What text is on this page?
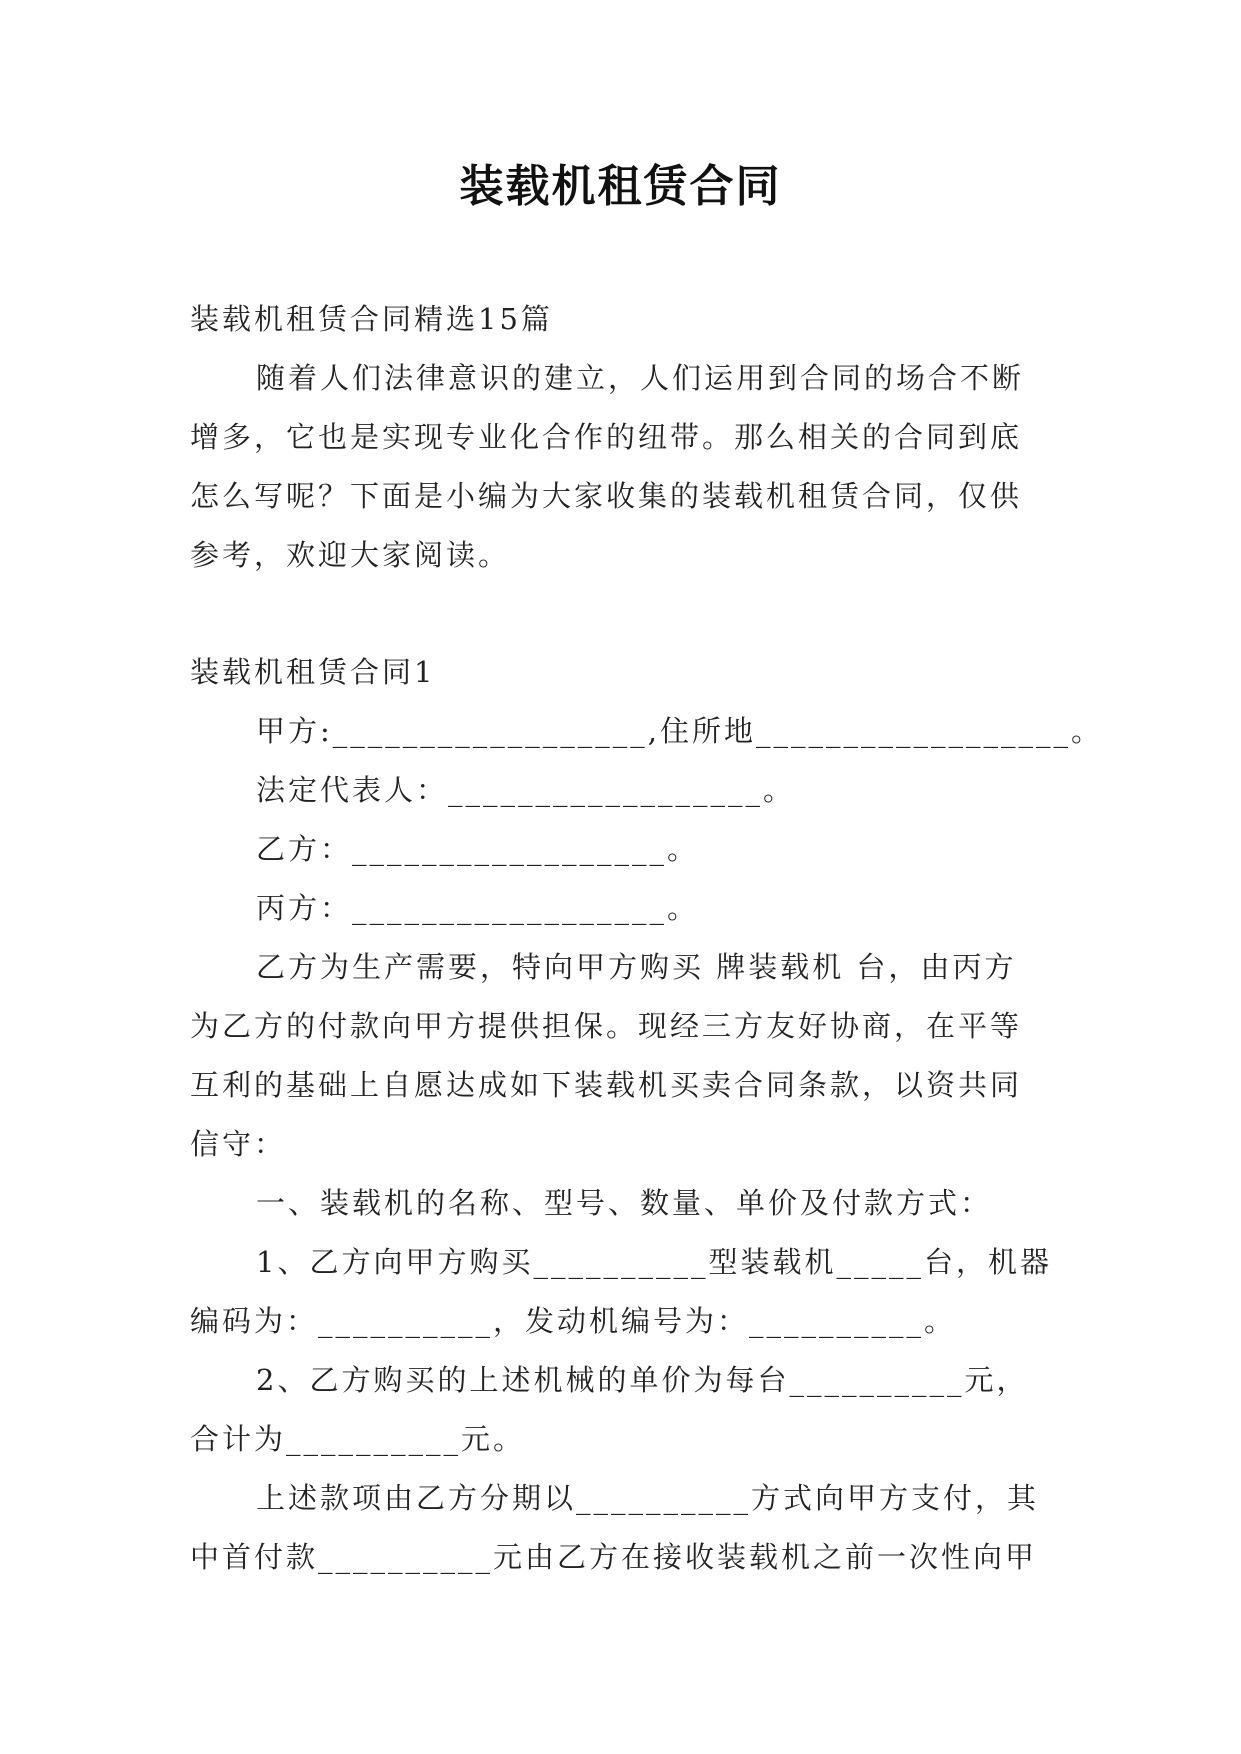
装载机租赁合同

装载机租赁合同精选15篇

随着人们法律意识的建立，人们运用到合同的场合不断

增多，它也是实现专业化合作的纽带。那么相关的合同到底

怎么写呢？下面是小编为大家收集的装载机租赁合同，仅供

参考，欢迎大家阅读。

装载机租赁合同1

甲方:__________________,住所地__________________。

法定代表人：__________________。

乙方：__________________。

丙方：__________________。

乙方为生产需要，特向甲方购买 牌装载机 台，由丙方

为乙方的付款向甲方提供担保。现经三方友好协商，在平等

互利的基础上自愿达成如下装载机买卖合同条款，以资共同

信守：

一、装载机的名称、型号、数量、单价及付款方式：

1、乙方向甲方购买__________型装载机_____台，机器

编码为：__________，发动机编号为：__________。

2、乙方购买的上述机械的单价为每台__________元，

合计为__________元。

上述款项由乙方分期以__________方式向甲方支付，其

中首付款__________元由乙方在接收装载机之前一次性向甲
